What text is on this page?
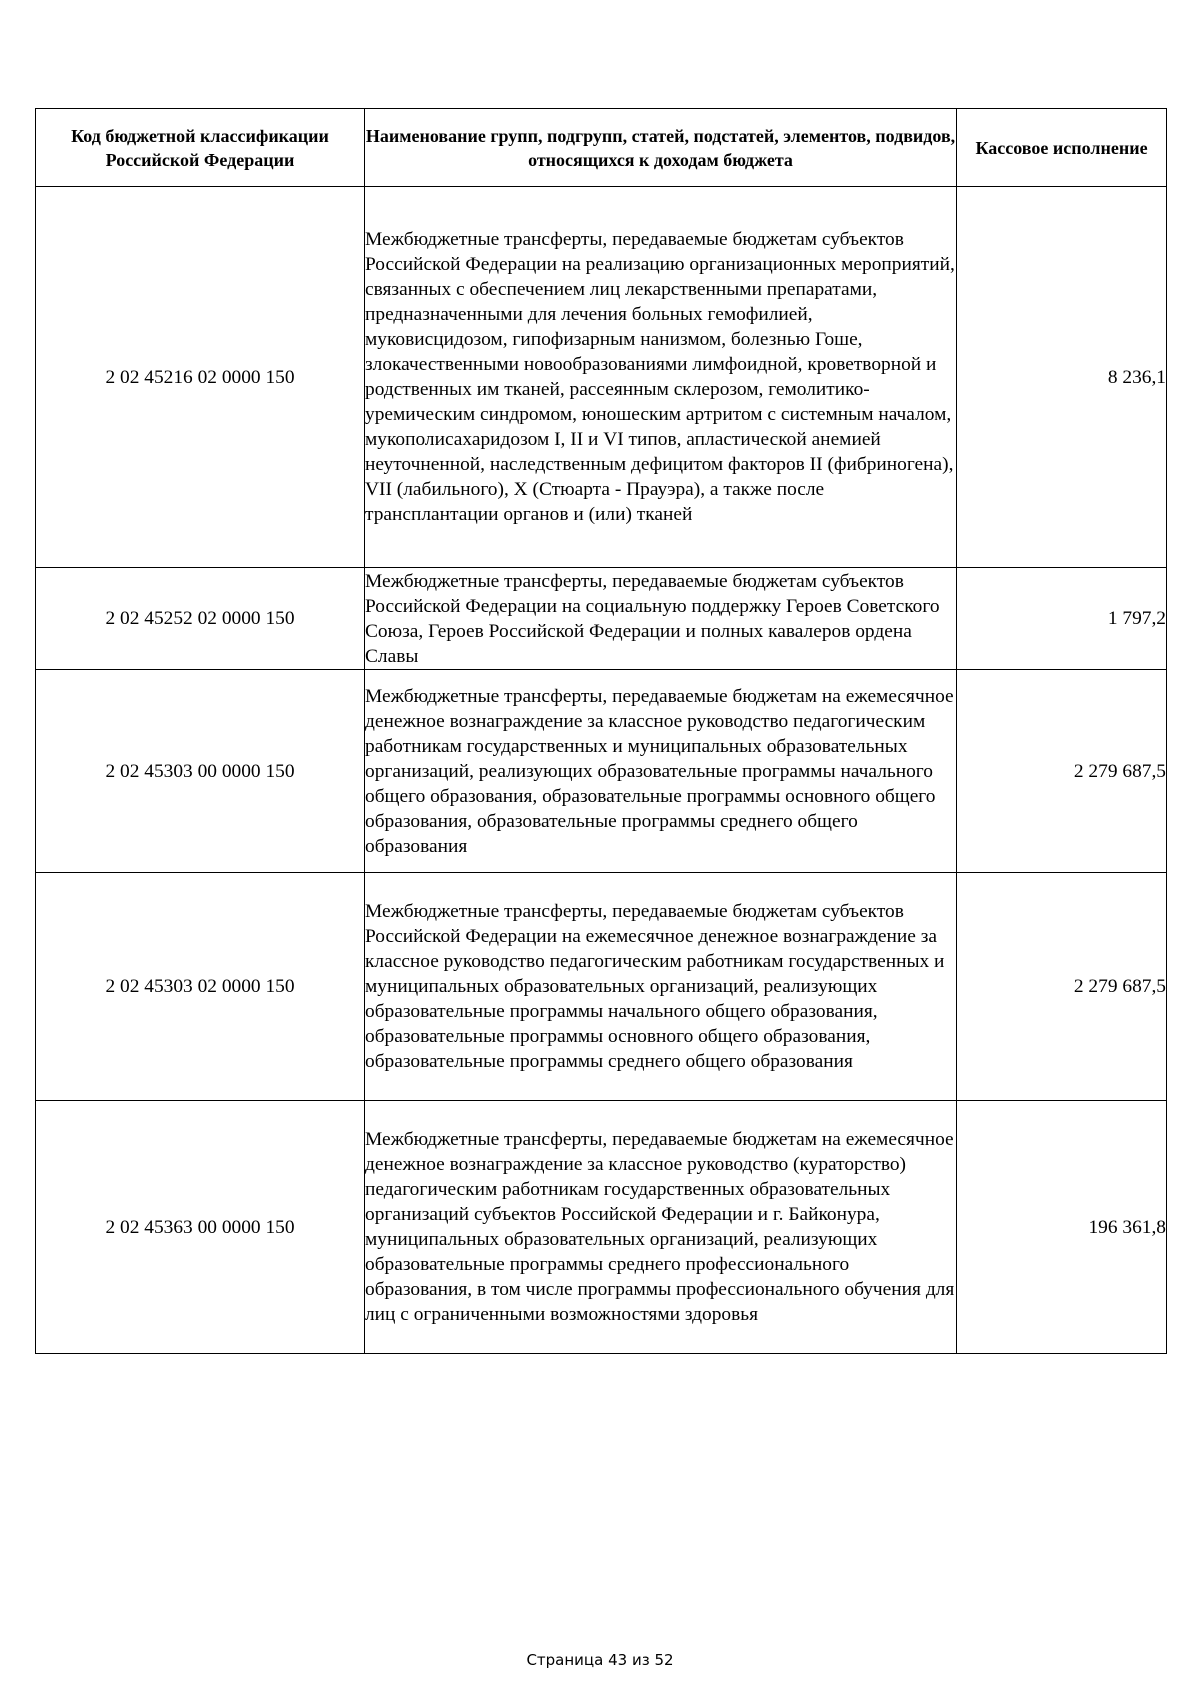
Код бюджетной классификации Российской Федерации	Наименование групп, подгрупп, статей, подстатей, элементов, подвидов, относящихся к доходам бюджета	Кассовое исполнение
2 02 45216 02 0000 150	Межбюджетные трансферты, передаваемые бюджетам субъектов Российской Федерации на реализацию организационных мероприятий, связанных с обеспечением лиц лекарственными препаратами, предназначенными для лечения больных гемофилией, муковисцидозом, гипофизарным нанизмом, болезнью Гоше, злокачественными новообразованиями лимфоидной, кроветворной и родственных им тканей, рассеянным склерозом, гемолитико-уремическим синдромом, юношеским артритом с системным началом, мукополисахаридозом I, II и VI типов, апластической анемией неуточненной, наследственным дефицитом факторов II (фибриногена), VII (лабильного), X (Стюарта - Прауэра), а также после трансплантации органов и (или) тканей	8 236,1
2 02 45252 02 0000 150	Межбюджетные трансферты, передаваемые бюджетам субъектов Российской Федерации на социальную поддержку Героев Советского Союза, Героев Российской Федерации и полных кавалеров ордена Славы	1 797,2
2 02 45303 00 0000 150	Межбюджетные трансферты, передаваемые бюджетам на ежемесячное денежное вознаграждение за классное руководство педагогическим работникам государственных и муниципальных образовательных организаций, реализующих образовательные программы начального общего образования, образовательные программы основного общего образования, образовательные программы среднего общего образования	2 279 687,5
2 02 45303 02 0000 150	Межбюджетные трансферты, передаваемые бюджетам субъектов Российской Федерации на ежемесячное денежное вознаграждение за классное руководство педагогическим работникам государственных и муниципальных образовательных организаций, реализующих образовательные программы начального общего образования, образовательные программы основного общего образования, образовательные программы среднего общего образования	2 279 687,5
2 02 45363 00 0000 150	Межбюджетные трансферты, передаваемые бюджетам на ежемесячное денежное вознаграждение за классное руководство (кураторство) педагогическим работникам государственных образовательных организаций субъектов Российской Федерации и г. Байконура, муниципальных образовательных организаций, реализующих образовательные программы среднего профессионального образования, в том числе программы профессионального обучения для лиц с ограниченными возможностями здоровья	196 361,8
Страница 43 из 52
